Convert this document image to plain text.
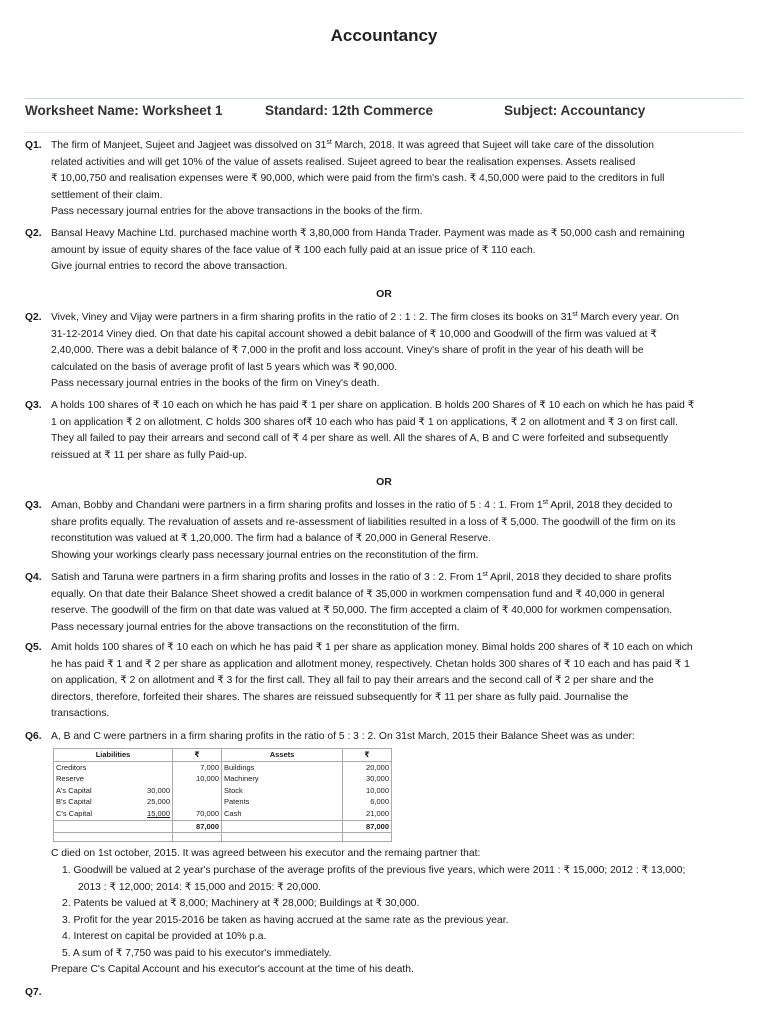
Accountancy
Worksheet Name: Worksheet 1	Standard: 12th Commerce	Subject: Accountancy
Q1. The firm of Manjeet, Sujeet and Jagjeet was dissolved on 31st March, 2018. It was agreed that Sujeet will take care of the dissolution
related activities and will get 10% of the value of assets realised. Sujeet agreed to bear the realisation expenses. Assets realised
₹ 10,00,750 and realisation expenses were ₹ 90,000, which were paid from the firm's cash. ₹ 4,50,000 were paid to the creditors in full
settlement of their claim.
Pass necessary journal entries for the above transactions in the books of the firm.
Q2. Bansal Heavy Machine Ltd. purchased machine worth ₹ 3,80,000 from Handa Trader. Payment was made as ₹ 50,000 cash and remaining
amount by issue of equity shares of the face value of ₹ 100 each fully paid at an issue price of ₹ 110 each.
Give journal entries to record the above transaction.
OR
Q2. Vivek, Viney and Vijay were partners in a firm sharing profits in the ratio of 2 : 1 : 2. The firm closes its books on 31st March every year. On
31-12-2014 Viney died. On that date his capital account showed a debit balance of ₹ 10,000 and Goodwill of the firm was valued at ₹
2,40,000. There was a debit balance of ₹ 7,000 in the profit and loss account. Viney's share of profit in the year of his death will be
calculated on the basis of average profit of last 5 years which was ₹ 90,000.
Pass necessary journal entries in the books of the firm on Viney's death.
Q3. A holds 100 shares of ₹ 10 each on which he has paid ₹ 1 per share on application. B holds 200 Shares of ₹ 10 each on which he has paid ₹
1 on application ₹ 2 on allotment. C holds 300 shares of₹ 10 each who has paid ₹ 1 on applications, ₹ 2 on allotment and ₹ 3 on first call.
They all failed to pay their arrears and second call of ₹ 4 per share as well. All the shares of A, B and C were forfeited and subsequently
reissued at ₹ 11 per share as fully Paid-up.
OR
Q3. Aman, Bobby and Chandani were partners in a firm sharing profits and losses in the ratio of 5 : 4 : 1. From 1st April, 2018 they decided to
share profits equally. The revaluation of assets and re-assessment of liabilities resulted in a loss of ₹ 5,000. The goodwill of the firm on its
reconstitution was valued at ₹ 1,20,000. The firm had a balance of ₹ 20,000 in General Reserve.
Showing your workings clearly pass necessary journal entries on the reconstitution of the firm.
Q4. Satish and Taruna were partners in a firm sharing profits and losses in the ratio of 3 : 2. From 1st April, 2018 they decided to share profits
equally. On that date their Balance Sheet showed a credit balance of ₹ 35,000 in workmen compensation fund and ₹ 40,000 in general
reserve. The goodwill of the firm on that date was valued at ₹ 50,000. The firm accepted a claim of ₹ 40,000 for workmen compensation.
Pass necessary journal entries for the above transactions on the reconstitution of the firm.
Q5. Amit holds 100 shares of ₹ 10 each on which he has paid ₹ 1 per share as application money. Bimal holds 200 shares of ₹ 10 each on which
he has paid ₹ 1 and ₹ 2 per share as application and allotment money, respectively. Chetan holds 300 shares of ₹ 10 each and has paid ₹ 1
on application, ₹ 2 on allotment and ₹ 3 for the first call. They all fail to pay their arrears and the second call of ₹ 2 per share and the
directors, therefore, forfeited their shares. The shares are reissued subsequently for ₹ 11 per share as fully paid. Journalise the
transactions.
Q6. A, B and C were partners in a firm sharing profits in the ratio of 5 : 3 : 2. On 31st March, 2015 their Balance Sheet was as under:
Liabilities		₹	Assets	₹
Creditors		7,000	Buildings	20,000
Reserve		10,000	Machinery	30,000
A's Capital	30,000		Stock	10,000
B's Capital	25,000		Patents	6,000
C's Capital	15,000	70,000	Cash	21,000
		87,000		87,000

C died on 1st october, 2015. It was agreed between his executor and the remaing partner that:
1. Goodwill be valued at 2 year's purchase of the average profits of the previous five years, which were 2011 : ₹ 15,000; 2012 : ₹ 13,000;
2013 : ₹ 12,000; 2014: ₹ 15,000 and 2015: ₹ 20,000.
2. Patents be valued at ₹ 8,000; Machinery at ₹ 28,000; Buildings at ₹ 30,000.
3. Profit for the year 2015-2016 be taken as having accrued at the same rate as the previous year.
4. Interest on capital be provided at 10% p.a.
5. A sum of ₹ 7,750 was paid to his executor's immediately.
Prepare C's Capital Account and his executor's account at the time of his death.
Q7.
